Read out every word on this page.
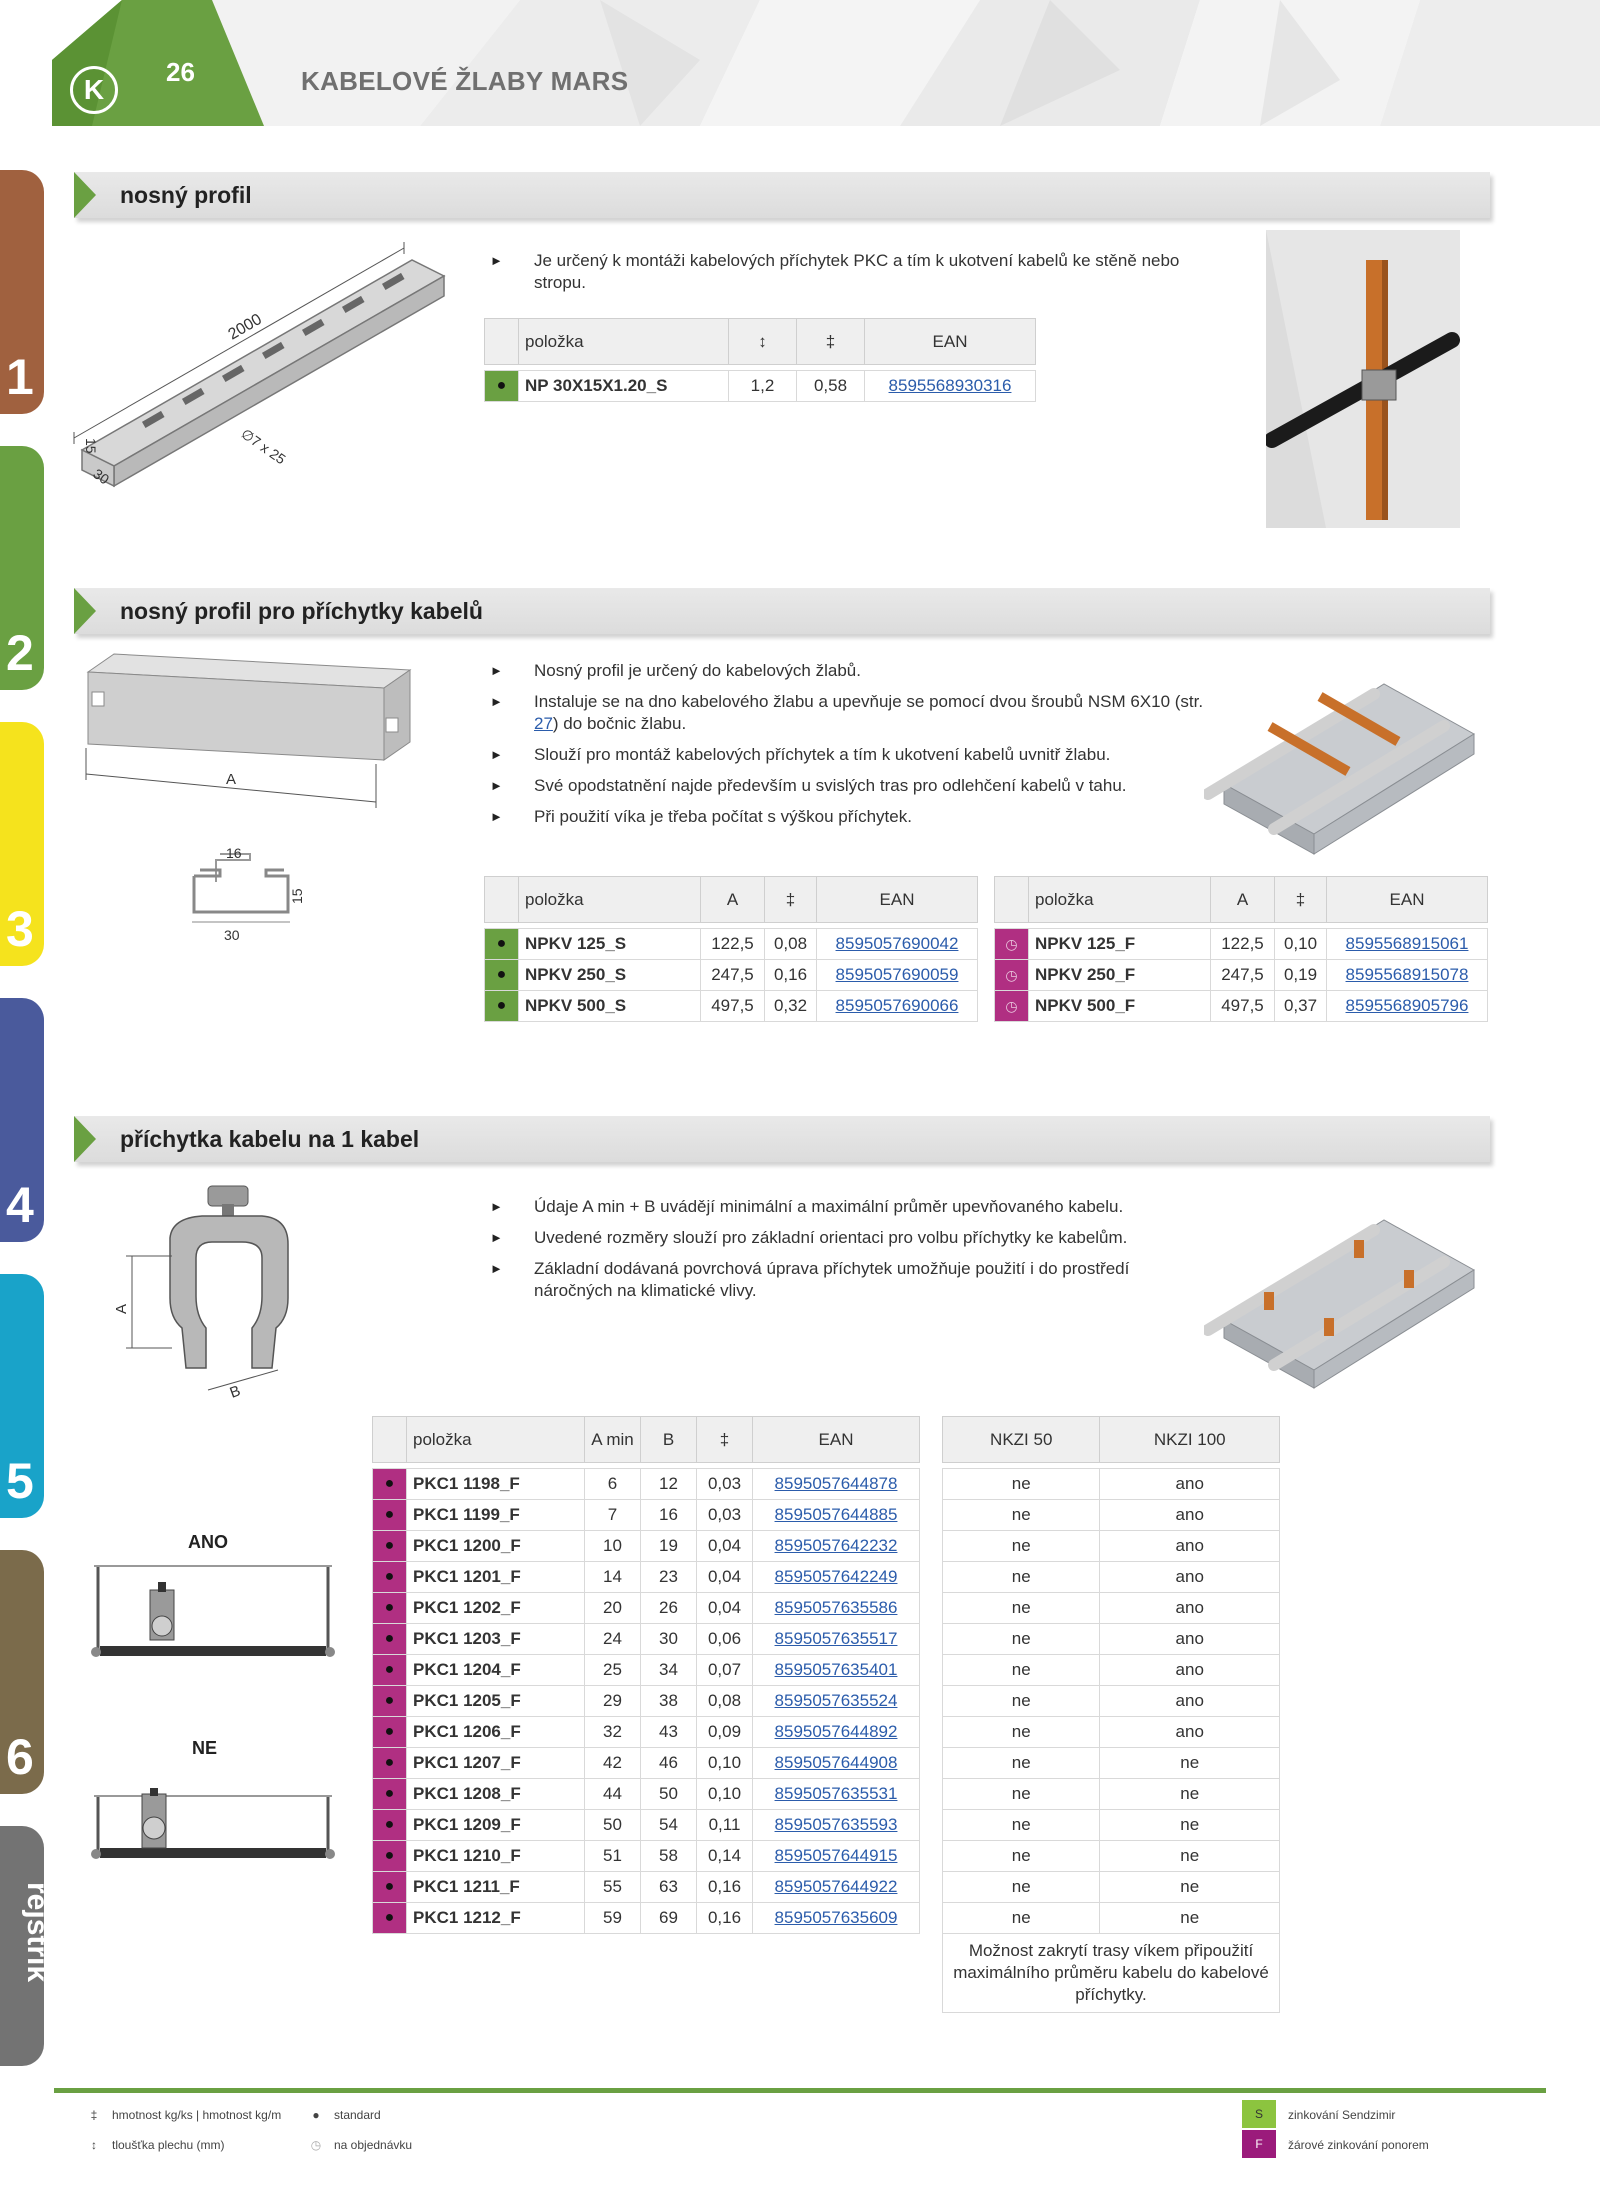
K
26	KABELOVÉ ŽLABY MARS
1
2
3
4
5
6
rejstřík
nosný profil
2000
∅7 x 25
15
30
► Je určený k montáži kabelových příchytek PKC a tím k ukotvení kabelů ke stěně nebo stropu.
	položka	↕	‡	EAN

●	NP 30X15X1.20_S	1,2	0,58	8595568930316
nosný profil pro příchytky kabelů
A
16
15
30
► Nosný profil je určený do kabelových žlabů.
► Instaluje se na dno kabelového žlabu a upevňuje se pomocí dvou šroubů NSM 6X10 (str. 27) do bočnic žlabu.
► Slouží pro montáž kabelových příchytek a tím k ukotvení kabelů uvnitř žlabu.
► Své opodstatnění najde především u svislých tras pro odlehčení kabelů v tahu.
► Při použití víka je třeba počítat s výškou příchytek.
	položka	A	‡	EAN

●	NPKV 125_S	122,5	0,08	8595057690042
●	NPKV 250_S	247,5	0,16	8595057690059
●	NPKV 500_S	497,5	0,32	8595057690066
	položka	A	‡	EAN

◷	NPKV 125_F	122,5	0,10	8595568915061
◷	NPKV 250_F	247,5	0,19	8595568915078
◷	NPKV 500_F	497,5	0,37	8595568905796
příchytka kabelu na 1 kabel
A
B
► Údaje A min + B uvádějí minimální a maximální průměr upevňovaného kabelu.
► Uvedené rozměry slouží pro základní orientaci pro volbu příchytky ke kabelům.
► Základní dodávaná povrchová úprava příchytek umožňuje použití i do prostředí náročných na klimatické vlivy.
ANO
NE
	položka	A min	B	‡	EAN

●	PKC1 1198_F	6	12	0,03	8595057644878
●	PKC1 1199_F	7	16	0,03	8595057644885
●	PKC1 1200_F	10	19	0,04	8595057642232
●	PKC1 1201_F	14	23	0,04	8595057642249
●	PKC1 1202_F	20	26	0,04	8595057635586
●	PKC1 1203_F	24	30	0,06	8595057635517
●	PKC1 1204_F	25	34	0,07	8595057635401
●	PKC1 1205_F	29	38	0,08	8595057635524
●	PKC1 1206_F	32	43	0,09	8595057644892
●	PKC1 1207_F	42	46	0,10	8595057644908
●	PKC1 1208_F	44	50	0,10	8595057635531
●	PKC1 1209_F	50	54	0,11	8595057635593
●	PKC1 1210_F	51	58	0,14	8595057644915
●	PKC1 1211_F	55	63	0,16	8595057644922
●	PKC1 1212_F	59	69	0,16	8595057635609
NKZI 50	NKZI 100

ne	ano
ne	ano
ne	ano
ne	ano
ne	ano
ne	ano
ne	ano
ne	ano
ne	ano
ne	ne
ne	ne
ne	ne
ne	ne
ne	ne
ne	ne
Možnost zakrytí trasy víkem připoužití maximálního průměru kabelu do kabelové příchytky.	
‡ hmotnost kg/ks | hmotnost kg/m
↕ tloušťka plechu (mm)
● standard
◷ na objednávku
S	zinkování Sendzimir
F	žárové zinkování ponorem
